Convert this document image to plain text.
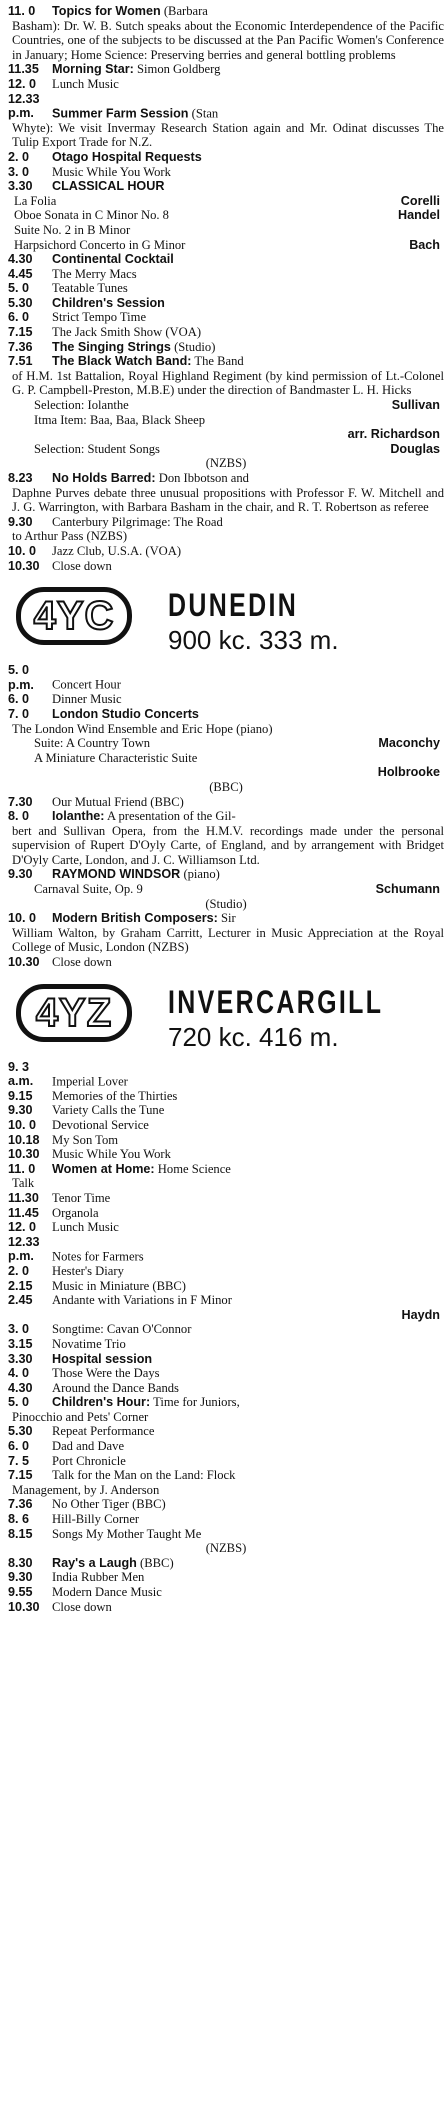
11. 0 Topics for Women (Barbara
Basham): Dr. W. B. Sutch speaks about the Economic Interdependence of the Pacific Countries, one of the subjects to be discussed at the Pan Pacific Women's Conference in January; Home Science: Preserving berries and general bottling problems
11.35 Morning Star: Simon Goldberg
12. 0 Lunch Music
12.33 p.m. Summer Farm Session (Stan
Whyte): We visit Invermay Research Station again and Mr. Odinat discusses The Tulip Export Trade for N.Z.
2. 0 Otago Hospital Requests
3. 0 Music While You Work
3.30 CLASSICAL HOUR
La Folia	Corelli
Oboe Sonata in C Minor No. 8	Handel
Suite No. 2 in B Minor
Harpsichord Concerto in G Minor	Bach
4.30 Continental Cocktail
4.45 The Merry Macs
5. 0 Teatable Tunes
5.30 Children's Session
6. 0 Strict Tempo Time
7.15 The Jack Smith Show (VOA)
7.36 The Singing Strings (Studio)
7.51 The Black Watch Band: The Band
of H.M. 1st Battalion, Royal Highland Regiment (by kind permission of Lt.-Colonel G. P. Campbell-Preston, M.B.E) under the direction of Bandmaster L. H. Hicks
Selection: Iolanthe	Sullivan
Itma Item: Baa, Baa, Black Sheep
arr. Richardson
Selection: Student Songs	Douglas
(NZBS)
8.23 No Holds Barred: Don Ibbotson and
Daphne Purves debate three unusual propositions with Professor F. W. Mitchell and J. G. Warrington, with Barbara Basham in the chair, and R. T. Robertson as referee
9.30 Canterbury Pilgrimage: The Road
to Arthur Pass (NZBS)
10. 0 Jazz Club, U.S.A. (VOA)
10.30 Close down
4YC DUNEDIN
900 kc. 333 m.
5. 0 p.m. Concert Hour
6. 0 Dinner Music
7. 0 London Studio Concerts
The London Wind Ensemble and Eric Hope (piano)
Suite: A Country Town	Maconchy
A Miniature Characteristic Suite
Holbrooke
(BBC)
7.30 Our Mutual Friend (BBC)
8. 0 Iolanthe: A presentation of the Gil-
bert and Sullivan Opera, from the H.M.V. recordings made under the personal supervision of Rupert D'Oyly Carte, of England, and by arrangement with Bridget D'Oyly Carte, London, and J. C. Williamson Ltd.
9.30 RAYMOND WINDSOR (piano)
Carnaval Suite, Op. 9	Schumann
(Studio)
10. 0 Modern British Composers: Sir
William Walton, by Graham Carritt, Lecturer in Music Appreciation at the Royal College of Music, London (NZBS)
10.30 Close down
4YZ INVERCARGILL
720 kc. 416 m.
9. 3 a.m. Imperial Lover
9.15 Memories of the Thirties
9.30 Variety Calls the Tune
10. 0 Devotional Service
10.18 My Son Tom
10.30 Music While You Work
11. 0 Women at Home: Home Science
Talk
11.30 Tenor Time
11.45 Organola
12. 0 Lunch Music
12.33 p.m. Notes for Farmers
2. 0 Hester's Diary
2.15 Music in Miniature (BBC)
2.45 Andante with Variations in F Minor
Haydn
3. 0 Songtime: Cavan O'Connor
3.15 Novatime Trio
3.30 Hospital session
4. 0 Those Were the Days
4.30 Around the Dance Bands
5. 0 Children's Hour: Time for Juniors,
Pinocchio and Pets' Corner
5.30 Repeat Performance
6. 0 Dad and Dave
7. 5 Port Chronicle
7.15 Talk for the Man on the Land: Flock
Management, by J. Anderson
7.36 No Other Tiger (BBC)
8. 6 Hill-Billy Corner
8.15 Songs My Mother Taught Me
(NZBS)
8.30 Ray's a Laugh (BBC)
9.30 India Rubber Men
9.55 Modern Dance Music
10.30 Close down
